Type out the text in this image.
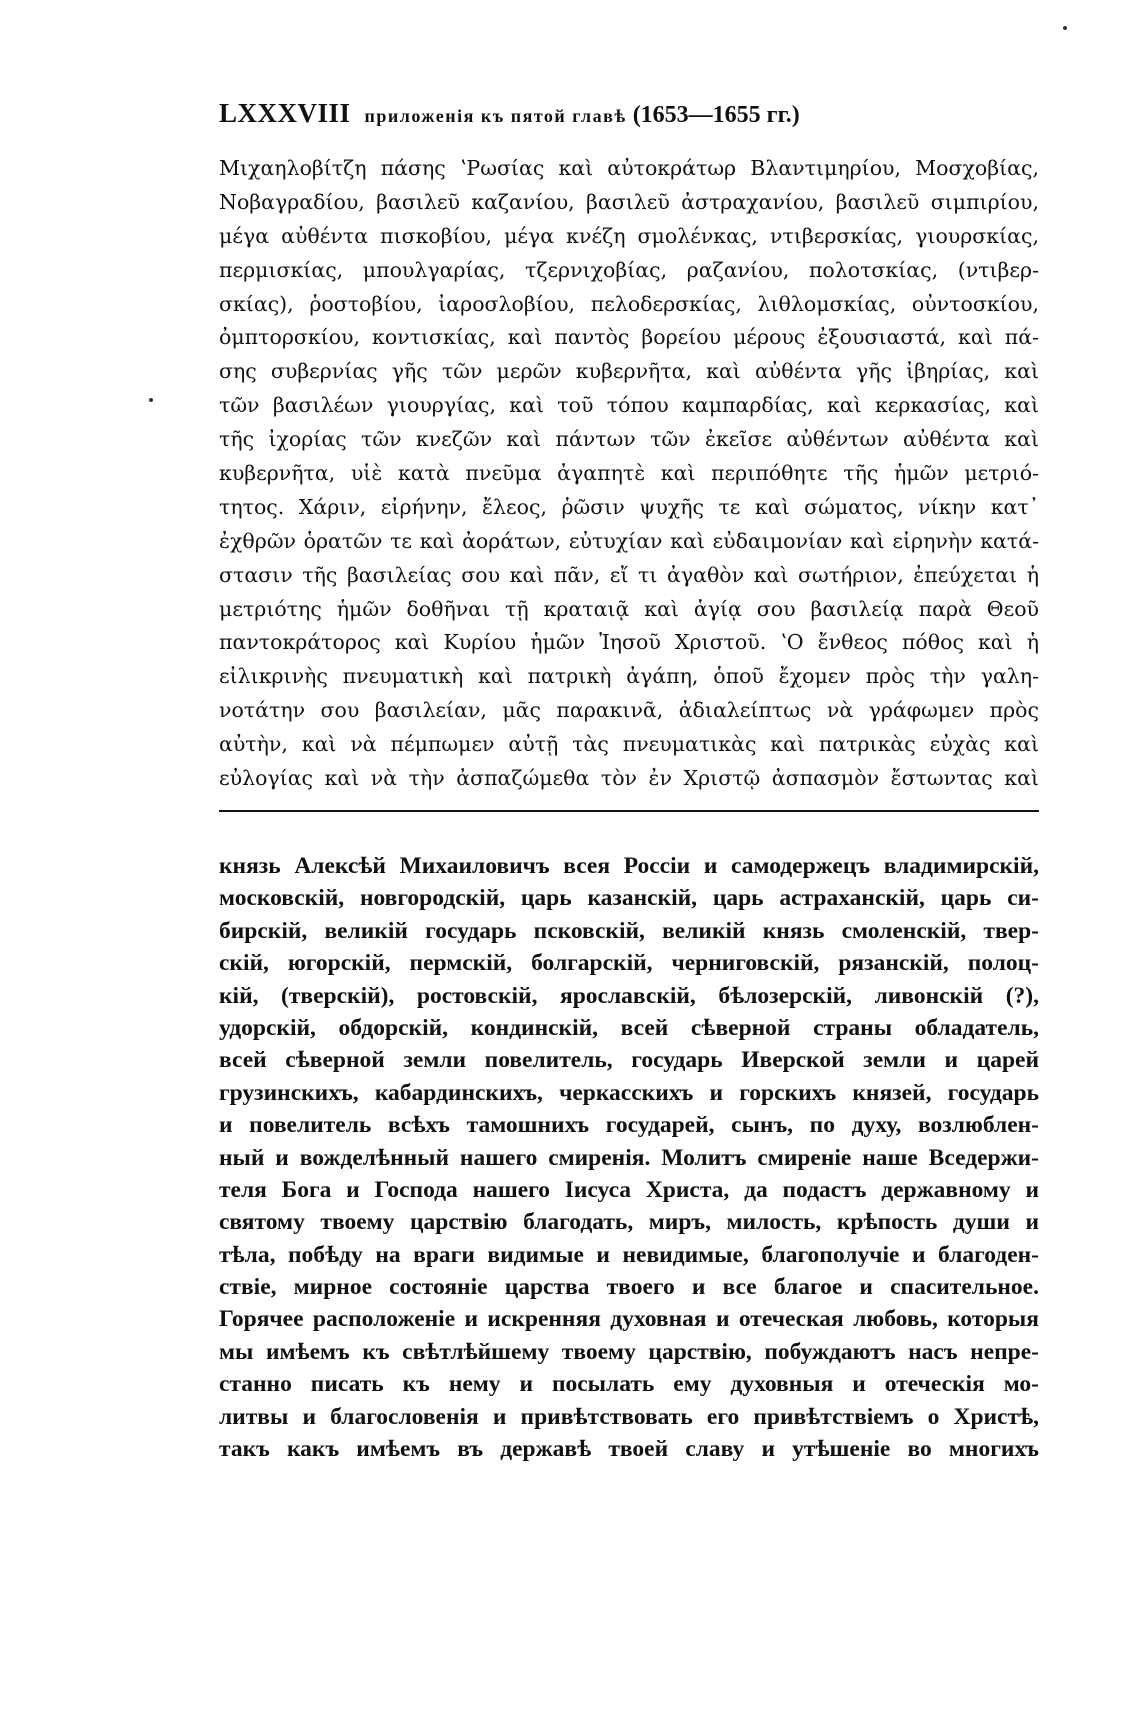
LXXXVIII приложенія къ пятой главѣ (1653—1655 гг.)
Μιχαηλοβίτζη πάσης ʽΡωσίας καὶ αὐτοκράτωρ Βλαντιμηρίου, Μοσχοβίας,
Νοβαγραδίου, βασιλεῦ καζανίου, βασιλεῦ ἀστραχανίου, βασιλεῦ σιμπιρίου,
μέγα αὐθέντα πισκοβίου, μέγα κνέζη σμολένκας, ντιβερσκίας, γιουρσκίας,
περμισκίας, μπουλγαρίας, τζερνιχοβίας, ραζανίου, πολοτσκίας, (ντιβερ-
σκίας), ῥοστοβίου, ἰαροσλοβίου, πελοδερσκίας, λιθλομσκίας, οὐντοσκίου,
ὀμπτορσκίου, κοντισκίας, καὶ παντὸς βορείου μέρους ἐξουσιαστά, καὶ πά-
σης συβερνίας γῆς τῶν μερῶν κυβερνῆτα, καὶ αὐθέντα γῆς ἰβηρίας, καὶ
τῶν βασιλέων γιουργίας, καὶ τοῦ τόπου καμπαρδίας, καὶ κερκασίας, καὶ
τῆς ἰχορίας τῶν κνεζῶν καὶ πάντων τῶν ἐκεῖσε αὐθέντων αὐθέντα καὶ
κυβερνῆτα, υἱὲ κατὰ πνεῦμα ἀγαπητὲ καὶ περιπόθητε τῆς ἡμῶν μετριό-
τητος. Χάριν, εἰρήνην, ἔλεος, ῥῶσιν ψυχῆς τε καὶ σώματος, νίκην κατ᾿
ἐχθρῶν ὁρατῶν τε καὶ ἀοράτων, εὐτυχίαν καὶ εὐδαιμονίαν καὶ εἰρηνὴν κατά-
στασιν τῆς βασιλείας σου καὶ πᾶν, εἴ τι ἀγαθὸν καὶ σωτήριον, ἐπεύχεται ἡ
μετριότης ἡμῶν δοθῆναι τῇ κραταιᾷ καὶ ἁγίᾳ σου βασιλείᾳ παρὰ Θεοῦ
παντοκράτορος καὶ Κυρίου ἡμῶν Ἰησοῦ Χριστοῦ. ʽΟ ἔνθεος πόθος καὶ ἡ
εἰλικρινὴς πνευματικὴ καὶ πατρικὴ ἀγάπη, ὁποῦ ἔχομεν πρὸς τὴν γαλη-
νοτάτην σου βασιλείαν, μᾶς παρακινᾶ, ἀδιαλείπτως νὰ γράφωμεν πρὸς
αὐτὴν, καὶ νὰ πέμπωμεν αὐτῇ τὰς πνευματικὰς καὶ πατρικὰς εὐχὰς καὶ
εὐλογίας καὶ νὰ τὴν ἀσπαζώμεθα τὸν ἐν Χριστῷ ἀσπασμὸν ἔστωντας καὶ
князь Алексѣй Михаиловичъ всея Россіи и самодержецъ владимирскій,
московскій, новгородскій, царь казанскій, царь астраханскій, царь си-
бирскій, великій государь псковскій, великій князь смоленскій, твер-
скій, югорскій, пермскій, болгарскій, черниговскій, рязанскій, полоц-
кій, (тверскій), ростовскій, ярославскій, бѣлозерскій, ливонскій (?),
удорскій, обдорскій, кондинскій, всей сѣверной страны обладатель,
всей сѣверной земли повелитель, государь Иверской земли и царей
грузинскихъ, кабардинскихъ, черкасскихъ и горскихъ князей, государь
и повелитель всѣхъ тамошнихъ государей, сынъ, по духу, возлюблен-
ный и вожделѣнный нашего смиренія. Молитъ смиреніе наше Вседержи-
теля Бога и Господа нашего Іисуса Христа, да подастъ державному и
святому твоему царствію благодать, миръ, милость, крѣпость души и
тѣла, побѣду на враги видимые и невидимые, благополучіе и благоден-
ствіе, мирное состояніе царства твоего и все благое и спасительное.
Горячее расположеніе и искренняя духовная и отеческая любовь, которыя
мы имѣемъ къ свѣтлѣйшему твоему царствію, побуждаютъ насъ непре-
станно писать къ нему и посылать ему духовныя и отеческія мо-
литвы и благословенія и привѣтствовать его привѣтствіемъ о Христѣ,
такъ какъ имѣемъ въ державѣ твоей славу и утѣшеніе во многихъ
